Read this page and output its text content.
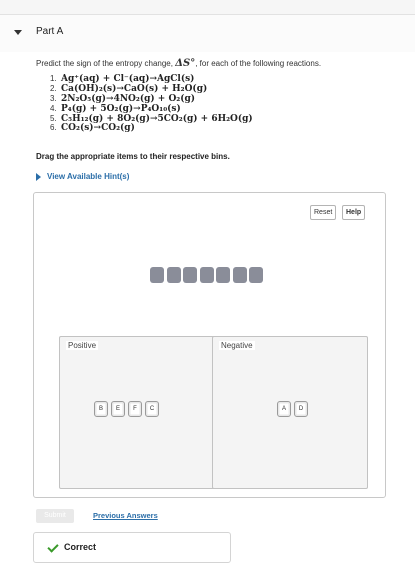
Part A
Predict the sign of the entropy change, ΔS°, for each of the following reactions.
1. Ag⁺(aq) + Cl⁻(aq)→AgCl(s)
2. Ca(OH)₂(s)→CaO(s) + H₂O(g)
3. 2N₂O₅(g)→4NO₂(g) + O₂(g)
4. P₄(g) + 5O₂(g)→P₄O₁₀(s)
5. C₅H₁₂(g) + 8O₂(g)→5CO₂(g) + 6H₂O(g)
6. CO₂(s)→CO₂(g)
Drag the appropriate items to their respective bins.
View Available Hint(s)
Reset	Help
Positive
B	E	F	C
Negative
A	D
Submit	Previous Answers
Correct
